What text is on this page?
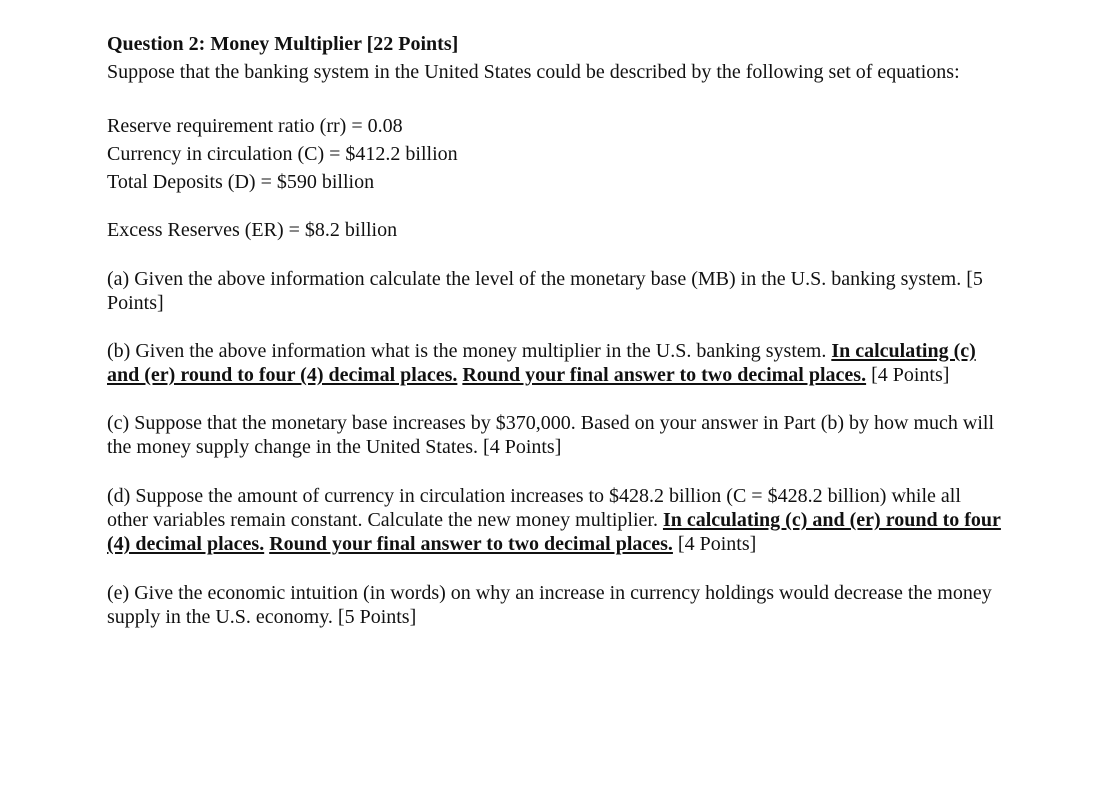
Question 2: Money Multiplier [22 Points]

Suppose that the banking system in the United States could be described by the following set of equations:

Reserve requirement ratio (rr) = 0.08

Currency in circulation (C) = $412.2 billion

Total Deposits (D) = $590 billion

Excess Reserves (ER) = $8.2 billion

(a) Given the above information calculate the level of the monetary base (MB) in the U.S. banking system. [5 Points]

(b) Given the above information what is the money multiplier in the U.S. banking system. In calculating (c) and (er) round to four (4) decimal places. Round your final answer to two decimal places. [4 Points]

(c) Suppose that the monetary base increases by $370,000. Based on your answer in Part (b) by how much will the money supply change in the United States. [4 Points]

(d) Suppose the amount of currency in circulation increases to $428.2 billion (C = $428.2 billion) while all other variables remain constant. Calculate the new money multiplier. In calculating (c) and (er) round to four (4) decimal places. Round your final answer to two decimal places. [4 Points]

(e) Give the economic intuition (in words) on why an increase in currency holdings would decrease the money supply in the U.S. economy. [5 Points]
